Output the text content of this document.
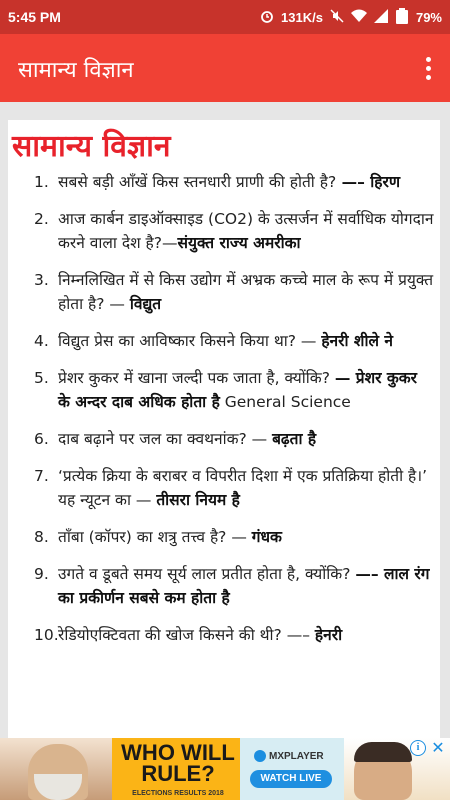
5:45 PM	131K/s	79%
सामान्य विज्ञान
सामान्य विज्ञान
1. सबसे बड़ी आँखें किस स्तनधारी प्राणी की होती है? —– हिरण
2. आज कार्बन डाइऑक्साइड (CO2) के उत्सर्जन में सर्वाधिक योगदान करने वाला देश है?—संयुक्त राज्य अमरीका
3. निम्नलिखित में से किस उद्योग में अभ्रक कच्चे माल के रूप में प्रयुक्त होता है? — विद्युत
4. विद्युत प्रेस का आविष्कार किसने किया था? — हेनरी शीले ने
5. प्रेशर कुकर में खाना जल्दी पक जाता है, क्योंकि? — प्रेशर कुकर के अन्दर दाब अधिक होता है General Science
6. दाब बढ़ाने पर जल का क्वथनांक? — बढ़ता है
7. ‘प्रत्येक क्रिया के बराबर व विपरीत दिशा में एक प्रतिक्रिया होती है।’ यह न्यूटन का — तीसरा नियम है
8. ताँबा (कॉपर) का शत्रु तत्त्व है? — गंधक
9. उगते व डूबते समय सूर्य लाल प्रतीत होता है, क्योंकि? —– लाल रंग का प्रकीर्णन सबसे कम होता है
10. रेडियोएक्टिवता की खोज किसने की थी? —– हेनरी
WHO WILL RULE?
ELECTIONS RESULTS 2018
MXPLAYER
WATCH LIVE
i ✕
